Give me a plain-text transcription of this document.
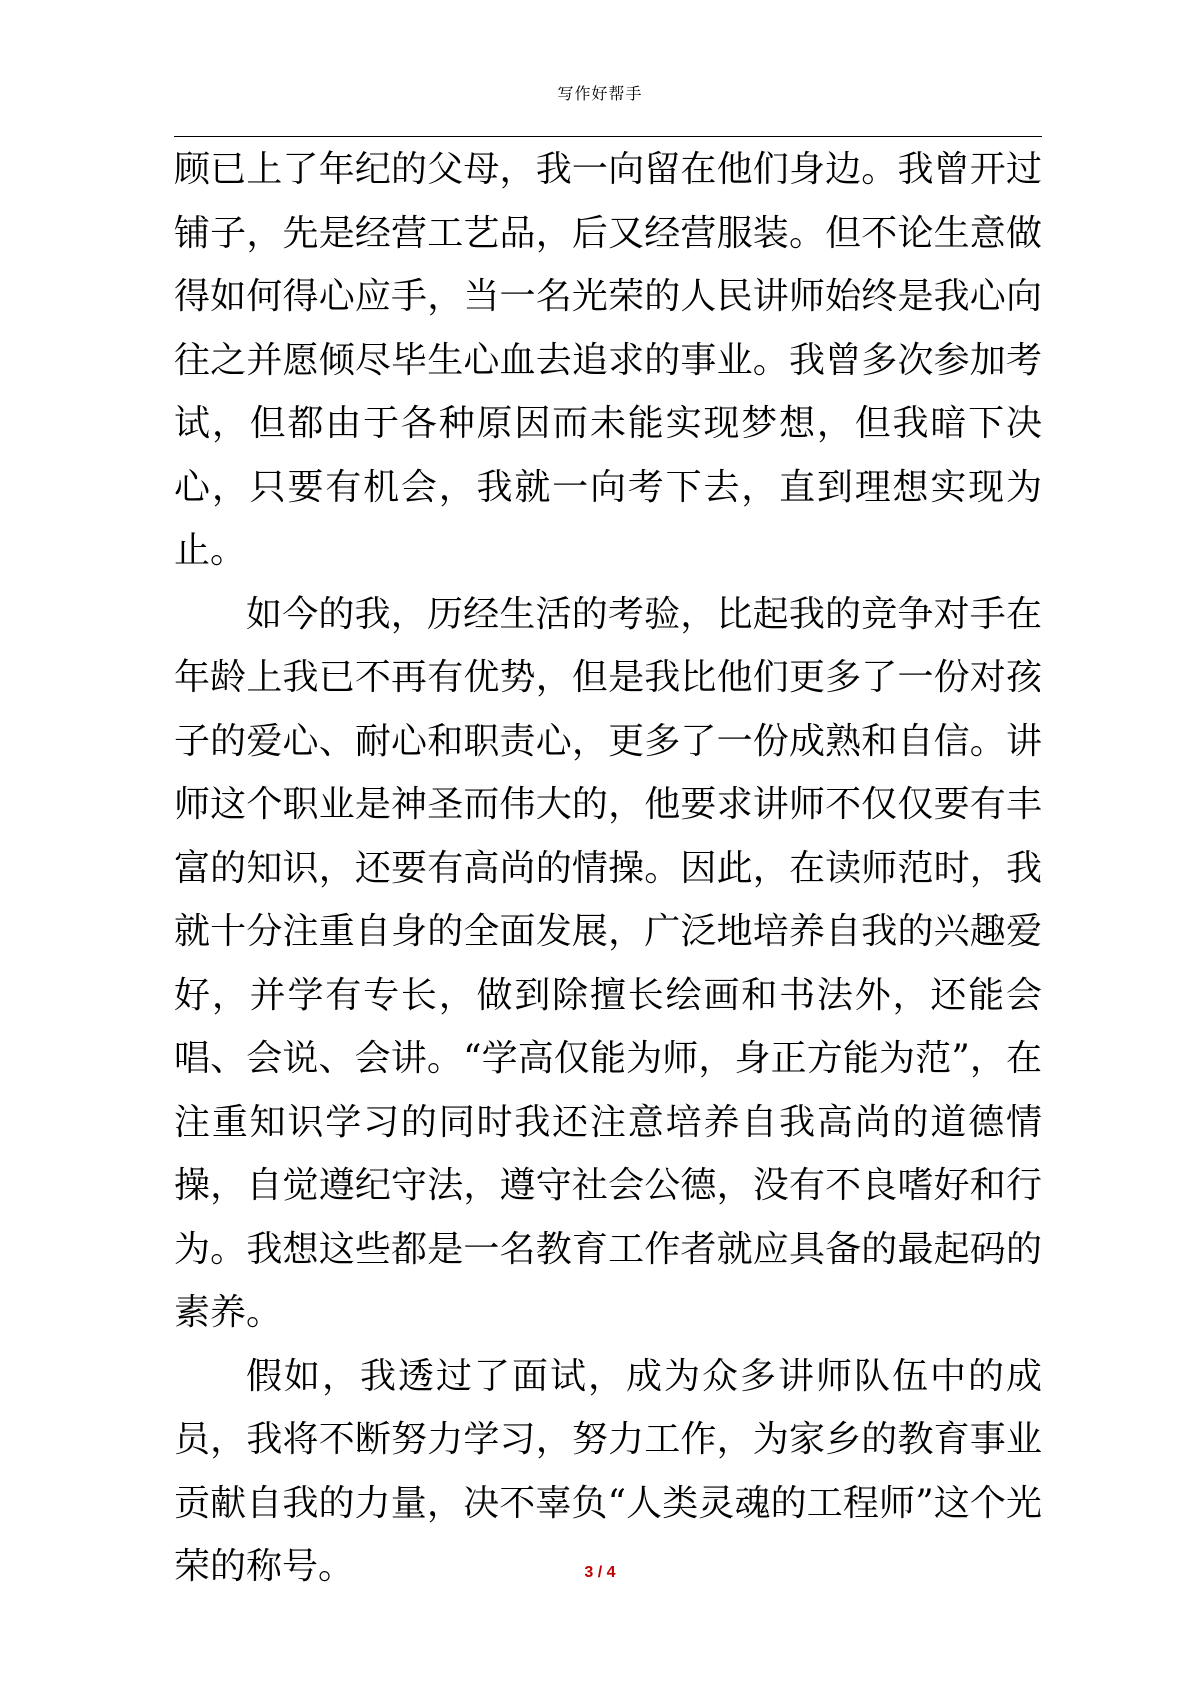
写作好帮手

顾已上了年纪的父母，我一向留在他们身边。我曾开过铺子，先是经营工艺品，后又经营服装。但不论生意做得如何得心应手，当一名光荣的人民讲师始终是我心向往之并愿倾尽毕生心血去追求的事业。我曾多次参加考试，但都由于各种原因而未能实现梦想，但我暗下决心，只要有机会，我就一向考下去，直到理想实现为止。

如今的我，历经生活的考验，比起我的竞争对手在年龄上我已不再有优势，但是我比他们更多了一份对孩子的爱心、耐心和职责心，更多了一份成熟和自信。讲师这个职业是神圣而伟大的，他要求讲师不仅仅要有丰富的知识，还要有高尚的情操。因此，在读师范时，我就十分注重自身的全面发展，广泛地培养自我的兴趣爱好，并学有专长，做到除擅长绘画和书法外，还能会唱、会说、会讲。“学高仅能为师，身正方能为范”，在注重知识学习的同时我还注意培养自我高尚的道德情操，自觉遵纪守法，遵守社会公德，没有不良嗜好和行为。我想这些都是一名教育工作者就应具备的最起码的素养。

假如，我透过了面试，成为众多讲师队伍中的成员，我将不断努力学习，努力工作，为家乡的教育事业贡献自我的力量，决不辜负“人类灵魂的工程师”这个光荣的称号。	3 / 4
